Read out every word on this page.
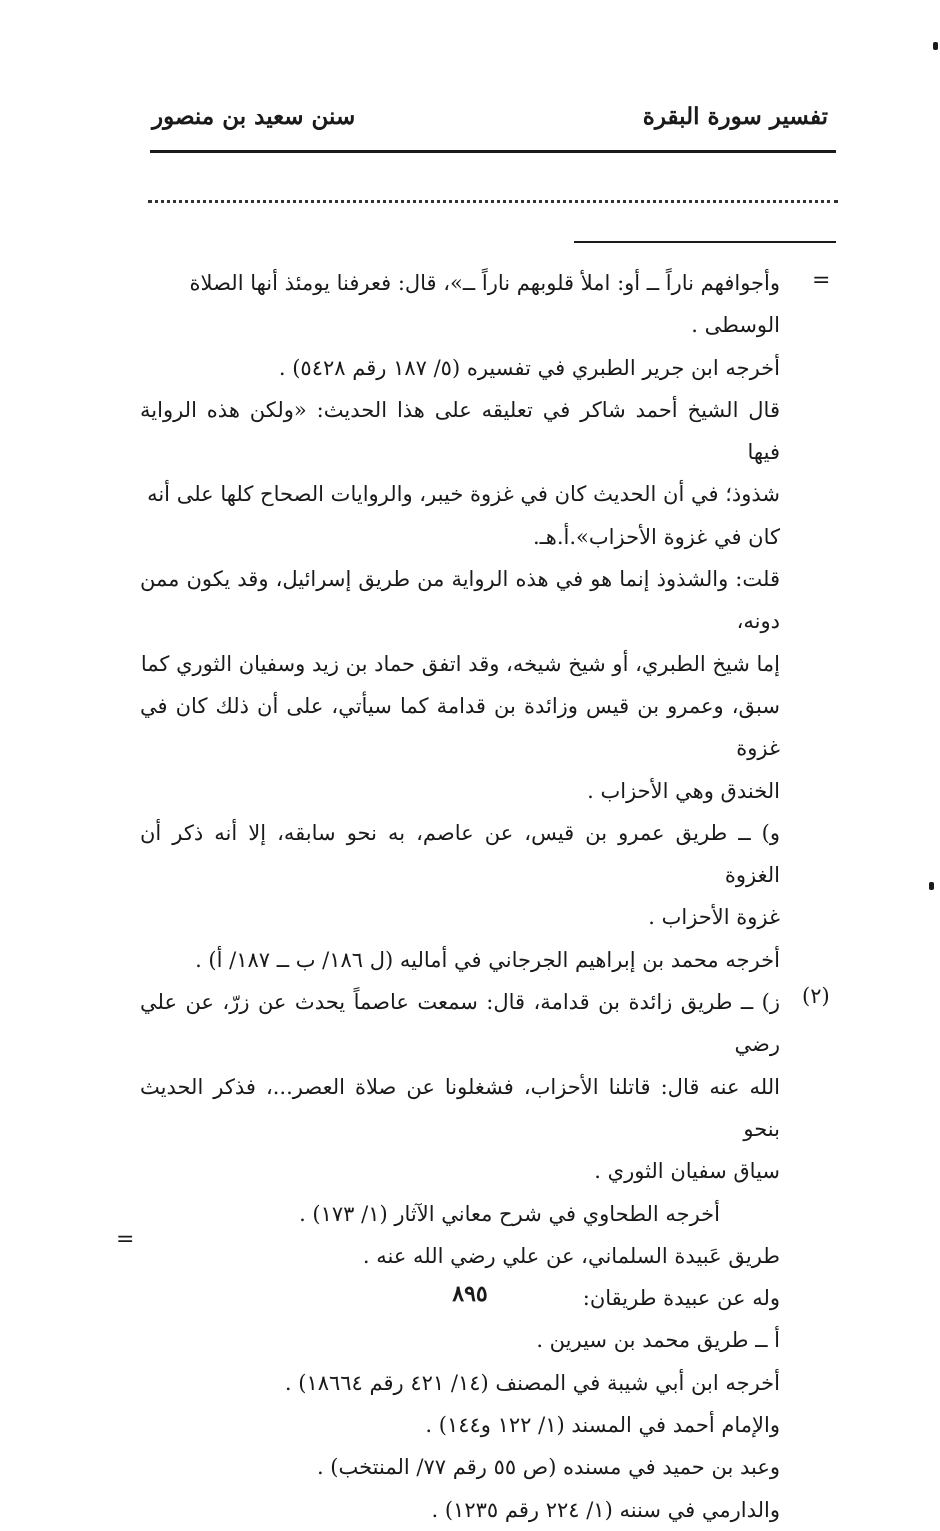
تفسير سورة البقرة
سنن سعيد بن منصور
=

وأجوافهم ناراً ــ أو: املأ قلوبهم ناراً ــ»، قال: فعرفنا يومئذ أنها الصلاة

الوسطى .

أخرجه ابن جرير الطبري في تفسيره (٥/ ١٨٧ رقم ٥٤٢٨) .

قال الشيخ أحمد شاكر في تعليقه على هذا الحديث: «ولكن هذه الرواية فيها

شذوذ؛ في أن الحديث كان في غزوة خيبر، والروايات الصحاح كلها على أنه

كان في غزوة الأحزاب».أ.هـ.

قلت: والشذوذ إنما هو في هذه الرواية من طريق إسرائيل، وقد يكون ممن دونه،

إما شيخ الطبري، أو شيخ شيخه، وقد اتفق حماد بن زيد وسفيان الثوري كما

سبق، وعمرو بن قيس وزائدة بن قدامة كما سيأتي، على أن ذلك كان في غزوة

الخندق وهي الأحزاب .

و) ــ طريق عمرو بن قيس، عن عاصم، به نحو سابقه، إلا أنه ذكر أن الغزوة

غزوة الأحزاب .

أخرجه محمد بن إبراهيم الجرجاني في أماليه (ل ١٨٦/ ب ــ ١٨٧/ أ) .

ز) ــ طريق زائدة بن قدامة، قال: سمعت عاصماً يحدث عن زرّ، عن علي رضي

الله عنه قال: قاتلنا الأحزاب، فشغلونا عن صلاة العصر...، فذكر الحديث بنحو

سياق سفيان الثوري .

أخرجه الطحاوي في شرح معاني الآثار (١/ ١٧٣) .

طريق عَبيدة السلماني، عن علي رضي الله عنه .

وله عن عبيدة طريقان:

أ ــ طريق محمد بن سيرين .

أخرجه ابن أبي شيبة في المصنف (١٤/ ٤٢١ رقم ١٨٦٦٤) .

والإمام أحمد في المسند (١/ ١٢٢ و١٤٤) .

وعبد بن حميد في مسنده (ص ٥٥ رقم ٧٧/ المنتخب) .

والدارمي في سننه (١/ ٢٢٤ رقم ١٢٣٥) .

(٢)
=
٨٩٥
